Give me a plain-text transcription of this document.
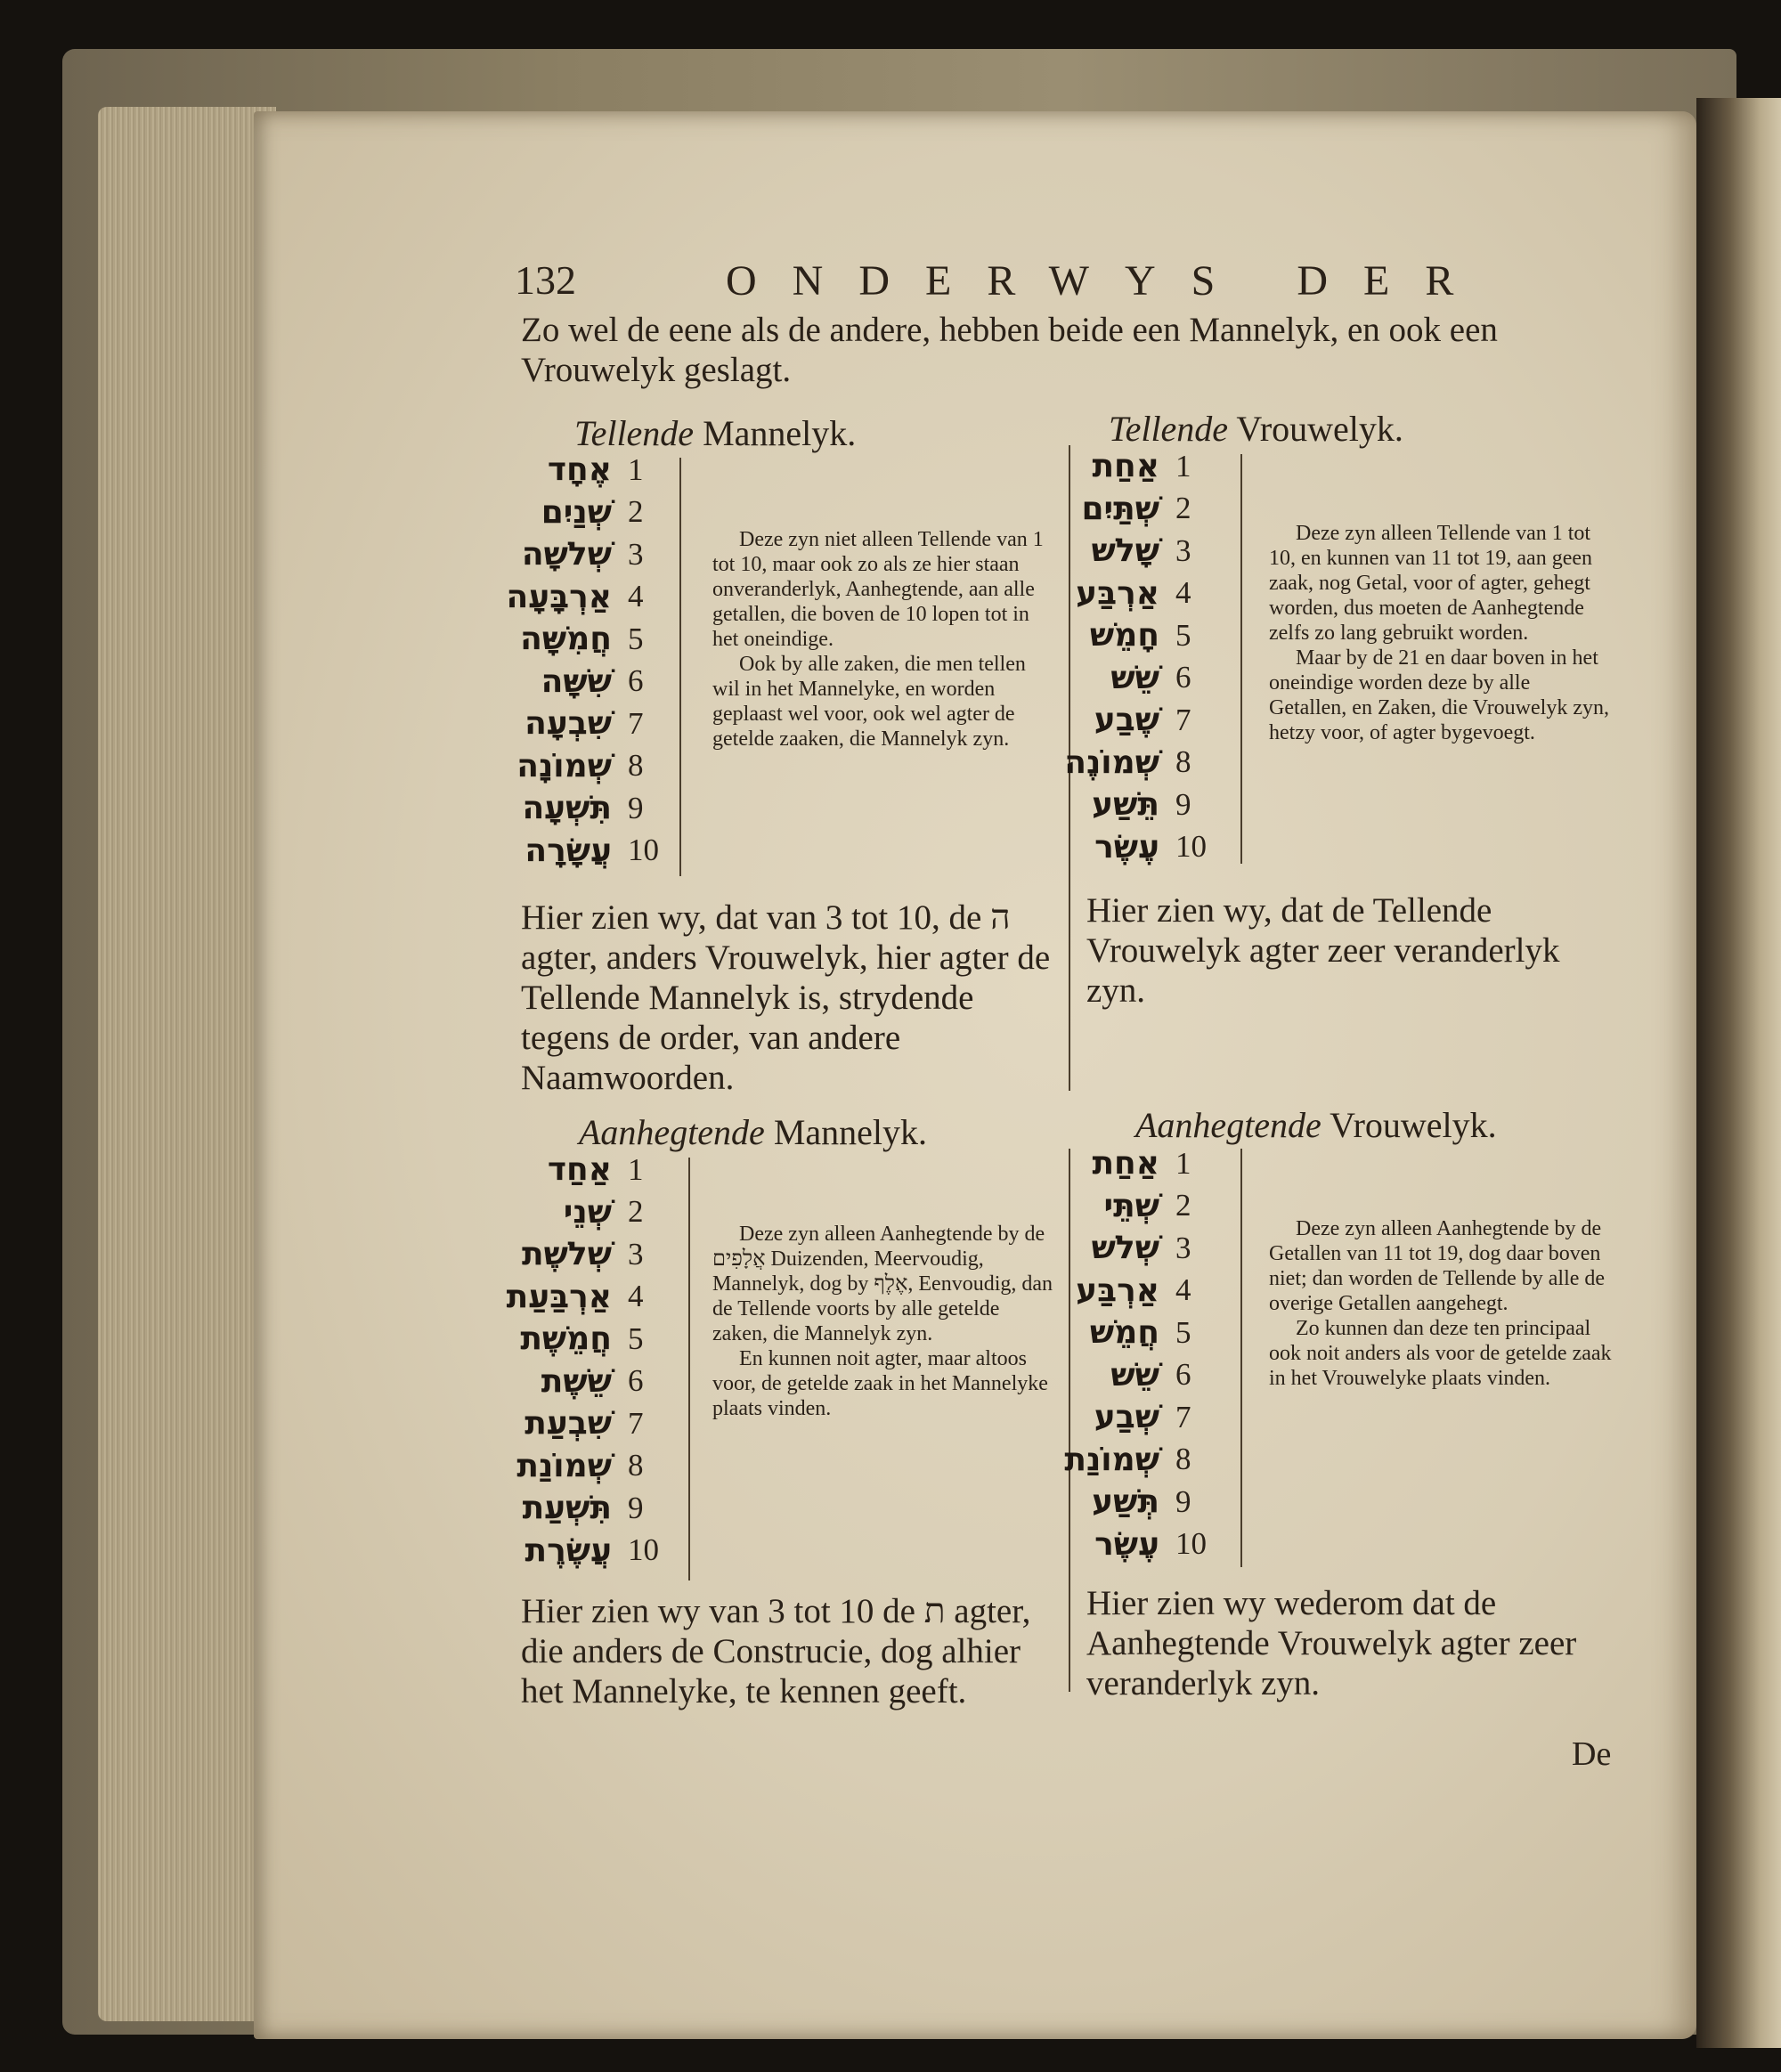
132	ONDERWYS DER
Zo wel de eene als de andere, hebben beide een Mannelyk, en ook een Vrouwelyk geslagt.
Tellende Mannelyk.
אֶחָד 1
שְׁנַיִם 2
שְׁלשָׁה 3
אַרְבָּעָה 4
חֲמִשָּׁה 5
שִׁשָּׁה 6
שִׁבְעָה 7
שְׁמוֹנָה 8
תִּשְׁעָה 9
עֲשָׂרָה 10

Deze zyn niet alleen Tellende van 1 tot 10, maar ook zo als ze hier staan onveranderlyk, Aanhegtende, aan alle getallen, die boven de 10 lopen tot in het oneindige.

Ook by alle zaken, die men tellen wil in het Mannelyke, en worden geplaast wel voor, ook wel agter de getelde zaaken, die Mannelyk zyn.

Hier zien wy, dat van 3 tot 10, de ה agter, anders Vrouwelyk, hier agter de Tellende Mannelyk is, strydende tegens de order, van andere Naamwoorden.
Tellende Vrouwelyk.
אַחַת 1
שְׁתַּיִם 2
שָׁלשׁ 3
אַרְבַּע 4
חָמֵשׁ 5
שֵׁשׁ 6
שֶׁבַע 7
שְׁמוֹנֶה 8
תֵּשַׁע 9
עֶשֶׂר 10

Deze zyn alleen Tellende van 1 tot 10, en kunnen van 11 tot 19, aan geen zaak, nog Getal, voor of agter, gehegt worden, dus moeten de Aanhegtende zelfs zo lang gebruikt worden.

Maar by de 21 en daar boven in het oneindige worden deze by alle Getallen, en Zaken, die Vrouwelyk zyn, hetzy voor, of agter bygevoegt.

Hier zien wy, dat de Tellende Vrouwelyk agter zeer veranderlyk zyn.
Aanhegtende Mannelyk.
אַחַד 1
שְׁנֵי 2
שְׁלשֶׁת 3
אַרְבַּעַת 4
חֲמֵשֶׁת 5
שֵׁשֶׁת 6
שִׁבְעַת 7
שְׁמוֹנַת 8
תִּשְׁעַת 9
עֲשֶׂרֶת 10

Deze zyn alleen Aanhegtende by de אֲלָפִים Duizenden, Meervoudig, Mannelyk, dog by אֶלֶף, Eenvoudig, dan de Tellende voorts by alle getelde zaken, die Mannelyk zyn.

En kunnen noit agter, maar altoos voor, de getelde zaak in het Mannelyke plaats vinden.

Hier zien wy van 3 tot 10 de ת agter, die anders de Construcie, dog alhier het Mannelyke, te kennen geeft.
Aanhegtende Vrouwelyk.
אַחַת 1
שְׁתֵּי 2
שְׁלשׁ 3
אַרְבַּע 4
חֲמֵשׁ 5
שֵׁשׁ 6
שְׁבַע 7
שְׁמוֹנַת 8
תְּשַׁע 9
עֶשֶׂר 10

Deze zyn alleen Aanhegtende by de Getallen van 11 tot 19, dog daar boven niet; dan worden de Tellende by alle de overige Getallen aangehegt.

Zo kunnen dan deze ten principaal ook noit anders als voor de getelde zaak in het Vrouwelyke plaats vinden.

Hier zien wy wederom dat de Aanhegtende Vrouwelyk agter zeer veranderlyk zyn.
De
